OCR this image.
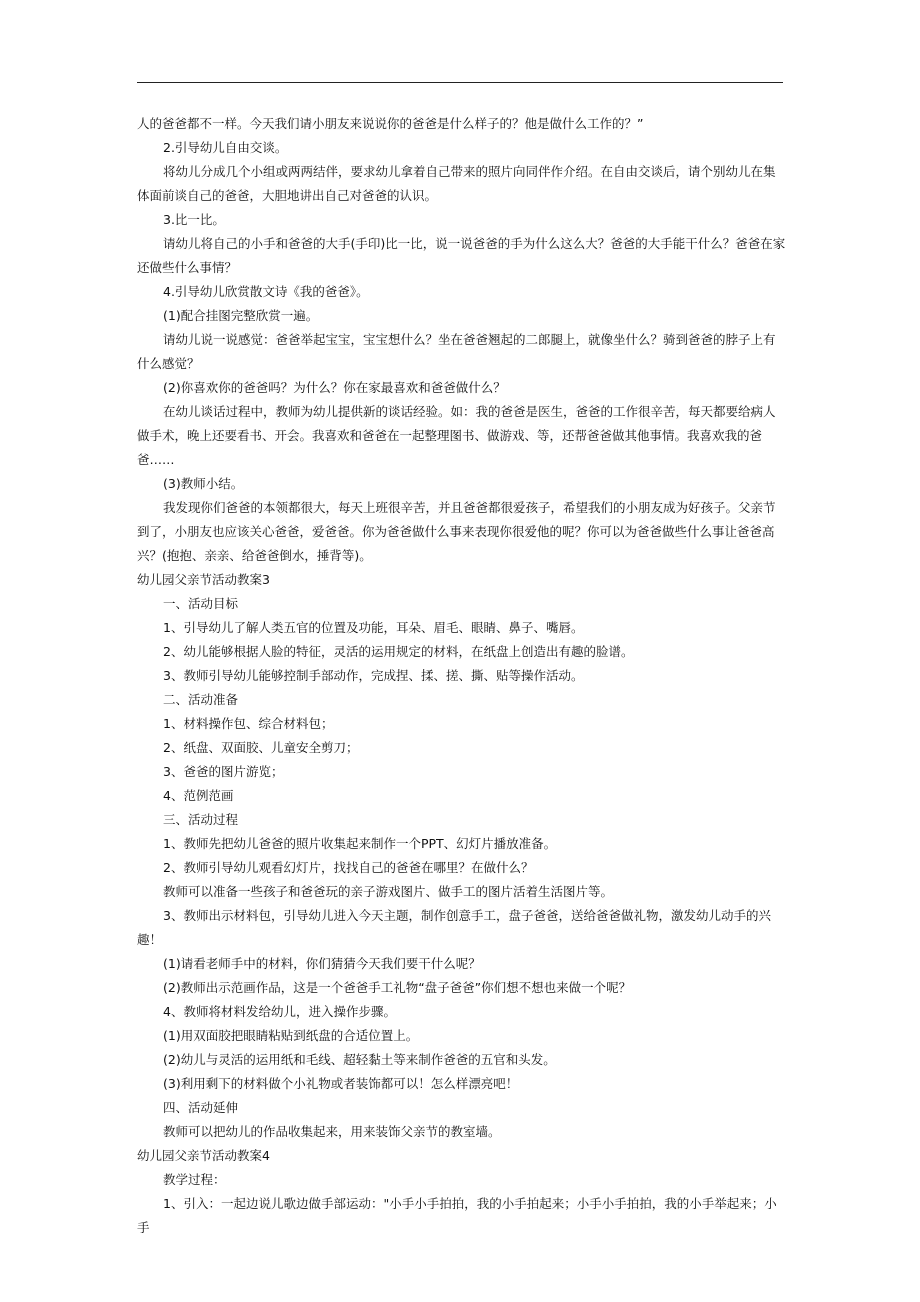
人的爸爸都不一样。今天我们请小朋友来说说你的爸爸是什么样子的？他是做什么工作的？”

2.引导幼儿自由交谈。

将幼儿分成几个小组或两两结伴，要求幼儿拿着自己带来的照片向同伴作介绍。在自由交谈后，请个别幼儿在集体面前谈自己的爸爸，大胆地讲出自己对爸爸的认识。

3.比一比。

请幼儿将自己的小手和爸爸的大手(手印)比一比，说一说爸爸的手为什么这么大？爸爸的大手能干什么？爸爸在家还做些什么事情？

4.引导幼儿欣赏散文诗《我的爸爸》。

(1)配合挂图完整欣赏一遍。

请幼儿说一说感觉：爸爸举起宝宝，宝宝想什么？坐在爸爸翘起的二郎腿上，就像坐什么？骑到爸爸的脖子上有什么感觉？

(2)你喜欢你的爸爸吗？为什么？你在家最喜欢和爸爸做什么？

在幼儿谈话过程中，教师为幼儿提供新的谈话经验。如：我的爸爸是医生，爸爸的工作很辛苦，每天都要给病人做手术，晚上还要看书、开会。我喜欢和爸爸在一起整理图书、做游戏、等，还帮爸爸做其他事情。我喜欢我的爸爸……

(3)教师小结。

我发现你们爸爸的本领都很大，每天上班很辛苦，并且爸爸都很爱孩子，希望我们的小朋友成为好孩子。父亲节到了，小朋友也应该关心爸爸，爱爸爸。你为爸爸做什么事来表现你很爱他的呢？你可以为爸爸做些什么事让爸爸高兴？(抱抱、亲亲、给爸爸倒水，捶背等)。

幼儿园父亲节活动教案3

一、活动目标

1、引导幼儿了解人类五官的位置及功能，耳朵、眉毛、眼睛、鼻子、嘴唇。

2、幼儿能够根据人脸的特征，灵活的运用规定的材料，在纸盘上创造出有趣的脸谱。

3、教师引导幼儿能够控制手部动作，完成捏、揉、搓、撕、贴等操作活动。

二、活动准备

1、材料操作包、综合材料包；

2、纸盘、双面胶、儿童安全剪刀；

3、爸爸的图片游览；

4、范例范画

三、活动过程

1、教师先把幼儿爸爸的照片收集起来制作一个PPT、幻灯片播放准备。

2、教师引导幼儿观看幻灯片，找找自己的爸爸在哪里？在做什么？

教师可以准备一些孩子和爸爸玩的亲子游戏图片、做手工的图片活着生活图片等。

3、教师出示材料包，引导幼儿进入今天主题，制作创意手工，盘子爸爸，送给爸爸做礼物，激发幼儿动手的兴趣！

(1)请看老师手中的材料，你们猜猜今天我们要干什么呢？

(2)教师出示范画作品，这是一个爸爸手工礼物“盘子爸爸”你们想不想也来做一个呢？

4、教师将材料发给幼儿，进入操作步骤。

(1)用双面胶把眼睛粘贴到纸盘的合适位置上。

(2)幼儿与灵活的运用纸和毛线、超轻黏土等来制作爸爸的五官和头发。

(3)利用剩下的材料做个小礼物或者装饰都可以！怎么样漂亮吧！

四、活动延伸

教师可以把幼儿的作品收集起来，用来装饰父亲节的教室墙。

幼儿园父亲节活动教案4

教学过程：

1、引入：一起边说儿歌边做手部运动："小手小手拍拍，我的小手拍起来；小手小手拍拍，我的小手举起来；小手
